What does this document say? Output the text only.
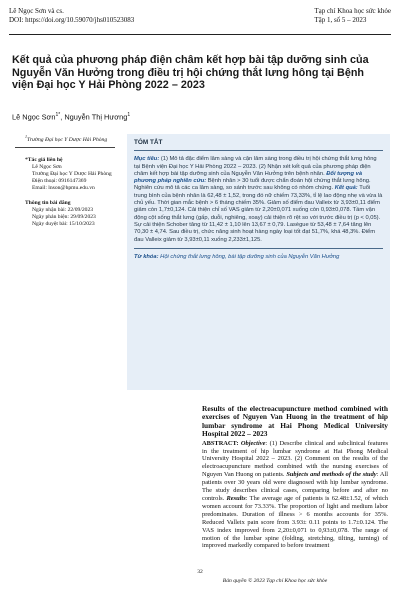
Lê Ngọc Sơn và cs.
DOI: https://doi.org/10.59070/jhs010523083
Tạp chí Khoa học sức khỏe
Tập 1, số 5 – 2023
Kết quả của phương pháp điện châm kết hợp bài tập dưỡng sinh của Nguyễn Văn Hưởng trong điều trị hội chứng thắt lưng hông tại Bệnh viện Đại học Y Hải Phòng 2022 – 2023
Lê Ngọc Sơn$^{1*}$, Nguyễn Thị Hương$^1$
$^1$Trường Đại học Y Dược Hải Phòng
*Tác giả liên hệ
Lê Ngọc Sơn
Trường Đại học Y Dược Hải Phòng
Điện thoại: 0916147369
Email: lnson@hpmu.edu.vn
Thông tin bài đăng
Ngày nhận bài: 22/09/2023
Ngày phản biện: 29/09/2023
Ngày duyệt bài: 15/10/2023
TÓM TẮT
Mục tiêu: (1) Mô tả đặc điểm lâm sàng và cận lâm sàng trong điều trị hội chứng thắt lưng hông tại Bệnh viện Đại học Y Hải Phòng 2022 – 2023. (2) Nhận xét kết quả của phương pháp điện châm kết hợp bài tập dưỡng sinh của Nguyễn Văn Hưởng trên bệnh nhân. Đối tượng và phương pháp nghiên cứu: Bệnh nhân > 30 tuổi được chẩn đoán hội chứng thắt lưng hông. Nghiên cứu mô tả các ca lâm sàng, so sánh trước sau không có nhóm chứng. Kết quả: Tuổi trung bình của bệnh nhân là 62,48 ± 1,52, trong đó nữ chiếm 73,33%, tỉ lệ lao động nhẹ và vừa là chủ yếu. Thời gian mắc bệnh > 6 tháng chiếm 35%. Giảm số điểm đau Valleix từ 3,93±0,11 điểm giảm còn 1,7±0,124. Cải thiện chỉ số VAS giảm từ 2,20±0,071 xuống còn 0,93±0,078. Tầm vận động cột sống thắt lưng (gấp, duỗi, nghiêng, xoay) cải thiện rõ rệt so với trước điều trị (p < 0,05). Sự cải thiện Schober tăng từ 11,42 ± 1,10 lên 13,67 ± 0,79. Lasègue từ 53,48 ± 7,64 tăng lên 70,30 ± 4,74. Sau điều trị, chức năng sinh hoạt hàng ngày loại tốt đạt 51,7%, khá 48,3%. Điểm đau Valleix giảm từ 3,93±0,11 xuống 2,233±1,125.
Từ khóa: Hội chứng thắt lưng hông, bài tập dưỡng sinh của Nguyễn Văn Hưởng
Results of the electroacupuncture method combined with exercises of Nguyen Van Huong in the treatment of hip lumbar syndrome at Hai Phong Medical University Hospital 2022 – 2023
ABSTRACT: Objective: (1) Describe clinical and subclinical features in the treatment of hip lumbar syndrome at Hai Phong Medical University Hospital 2022 – 2023. (2) Comment on the results of the electroacupuncture method combined with the nursing exercises of Nguyen Van Huong on patients. Subjects and methods of the study: All patients over 30 years old were diagnosed with hip lumbar syndrome. The study describes clinical cases, comparing before and after no controls. Results: The average age of patients is 62.48±1.52, of which women account for 73.33%. The proportion of light and medium labor predominates. Duration of illness > 6 months accounts for 35%. Reduced Valleix pain score from 3.93± 0.11 points to 1.7±0.124. The VAS index improved from 2,20±0,071 to 0,93±0,078. The range of motion of the lumbar spine (folding, stretching, tilting, turning) of improved markedly compared to before treatment
32
Bản quyền © 2023 Tạp chí Khoa học sức khỏe
